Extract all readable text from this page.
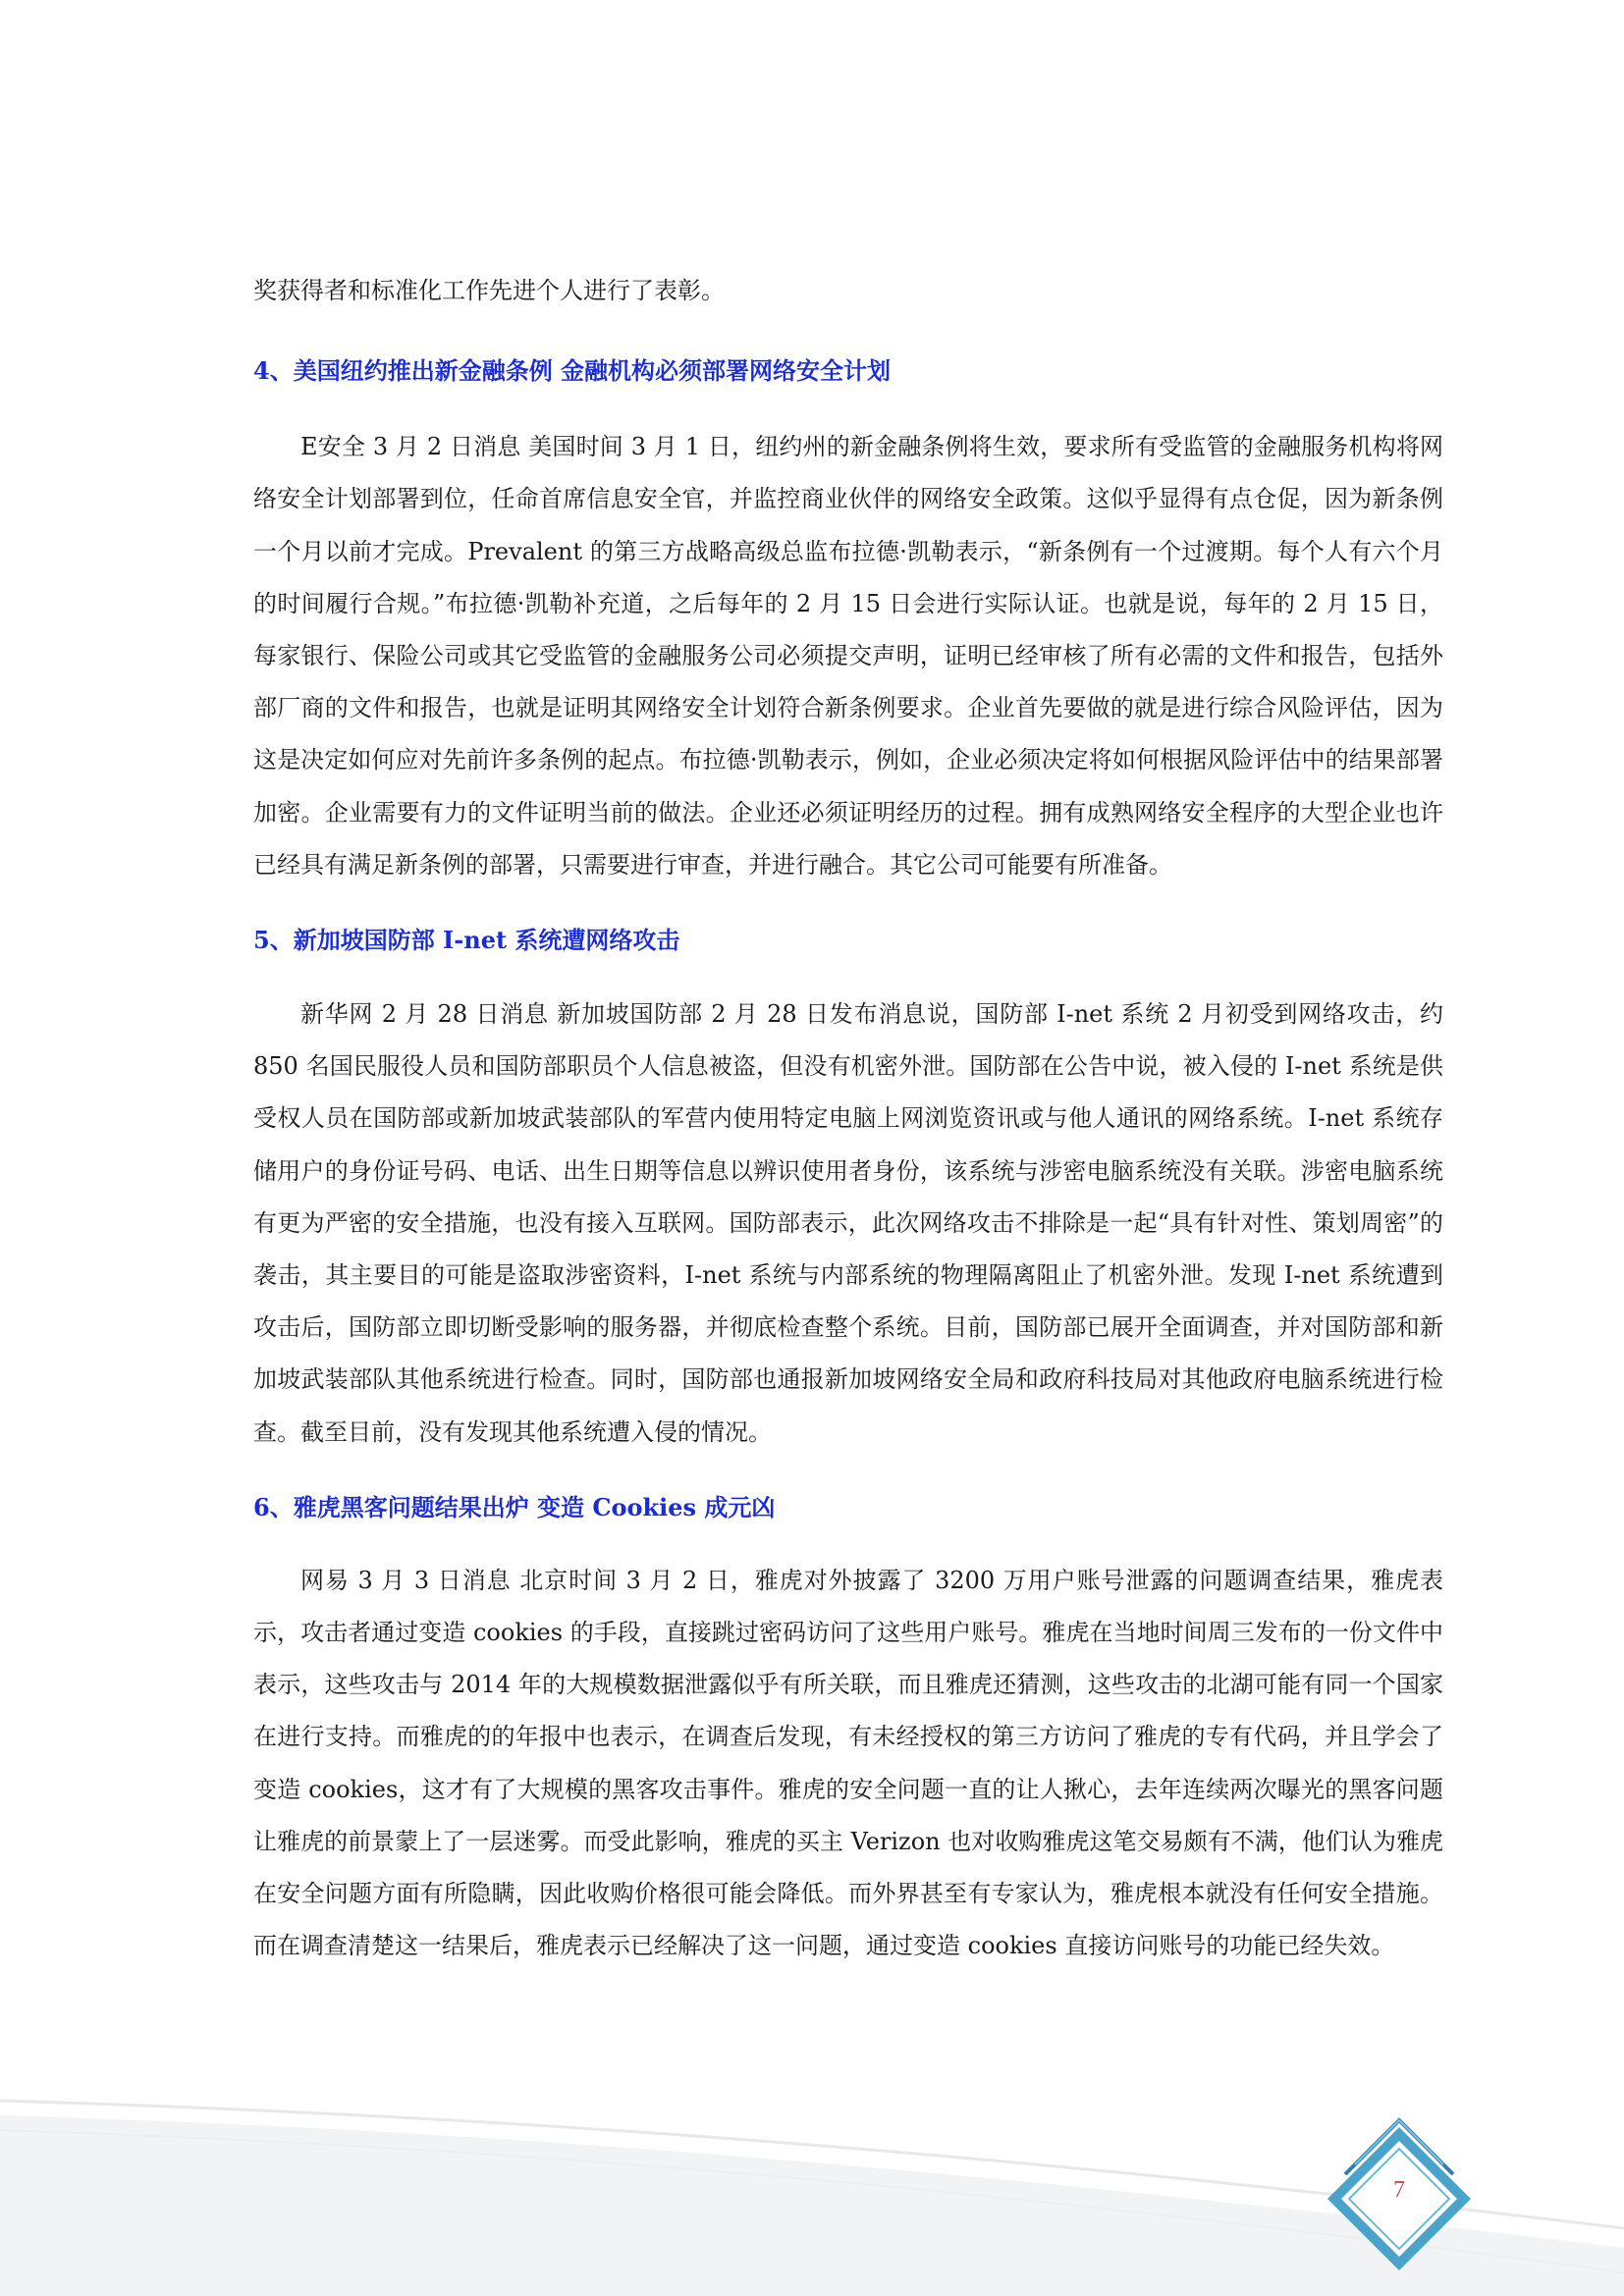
奖获得者和标准化工作先进个人进行了表彰。

4、美国纽约推出新金融条例 金融机构必须部署网络安全计划

E安全 3 月 2 日消息 美国时间 3 月 1 日，纽约州的新金融条例将生效，要求所有受监管的金融服务机构将网络安全计划部署到位，任命首席信息安全官，并监控商业伙伴的网络安全政策。这似乎显得有点仓促，因为新条例一个月以前才完成。Prevalent 的第三方战略高级总监布拉德·凯勒表示，“新条例有一个过渡期。每个人有六个月的时间履行合规。”布拉德·凯勒补充道，之后每年的 2 月 15 日会进行实际认证。也就是说，每年的 2 月 15 日，每家银行、保险公司或其它受监管的金融服务公司必须提交声明，证明已经审核了所有必需的文件和报告，包括外部厂商的文件和报告，也就是证明其网络安全计划符合新条例要求。企业首先要做的就是进行综合风险评估，因为这是决定如何应对先前许多条例的起点。布拉德·凯勒表示，例如，企业必须决定将如何根据风险评估中的结果部署加密。企业需要有力的文件证明当前的做法。企业还必须证明经历的过程。拥有成熟网络安全程序的大型企业也许已经具有满足新条例的部署，只需要进行审查，并进行融合。其它公司可能要有所准备。

5、新加坡国防部 I-net 系统遭网络攻击

新华网 2 月 28 日消息 新加坡国防部 2 月 28 日发布消息说，国防部 I-net 系统 2 月初受到网络攻击，约 850 名国民服役人员和国防部职员个人信息被盗，但没有机密外泄。国防部在公告中说，被入侵的 I-net 系统是供受权人员在国防部或新加坡武装部队的军营内使用特定电脑上网浏览资讯或与他人通讯的网络系统。I-net 系统存储用户的身份证号码、电话、出生日期等信息以辨识使用者身份，该系统与涉密电脑系统没有关联。涉密电脑系统有更为严密的安全措施，也没有接入互联网。国防部表示，此次网络攻击不排除是一起“具有针对性、策划周密”的袭击，其主要目的可能是盗取涉密资料，I-net 系统与内部系统的物理隔离阻止了机密外泄。发现 I-net 系统遭到攻击后，国防部立即切断受影响的服务器，并彻底检查整个系统。目前，国防部已展开全面调查，并对国防部和新加坡武装部队其他系统进行检查。同时，国防部也通报新加坡网络安全局和政府科技局对其他政府电脑系统进行检查。截至目前，没有发现其他系统遭入侵的情况。

6、雅虎黑客问题结果出炉 变造 Cookies 成元凶

网易 3 月 3 日消息 北京时间 3 月 2 日，雅虎对外披露了 3200 万用户账号泄露的问题调查结果，雅虎表示，攻击者通过变造 cookies 的手段，直接跳过密码访问了这些用户账号。雅虎在当地时间周三发布的一份文件中表示，这些攻击与 2014 年的大规模数据泄露似乎有所关联，而且雅虎还猜测，这些攻击的北湖可能有同一个国家在进行支持。而雅虎的的年报中也表示，在调查后发现，有未经授权的第三方访问了雅虎的专有代码，并且学会了变造 cookies，这才有了大规模的黑客攻击事件。雅虎的安全问题一直的让人揪心，去年连续两次曝光的黑客问题让雅虎的前景蒙上了一层迷雾。而受此影响，雅虎的买主 Verizon 也对收购雅虎这笔交易颇有不满，他们认为雅虎在安全问题方面有所隐瞒，因此收购价格很可能会降低。而外界甚至有专家认为，雅虎根本就没有任何安全措施。而在调查清楚这一结果后，雅虎表示已经解决了这一问题，通过变造 cookies 直接访问账号的功能已经失效。

7
